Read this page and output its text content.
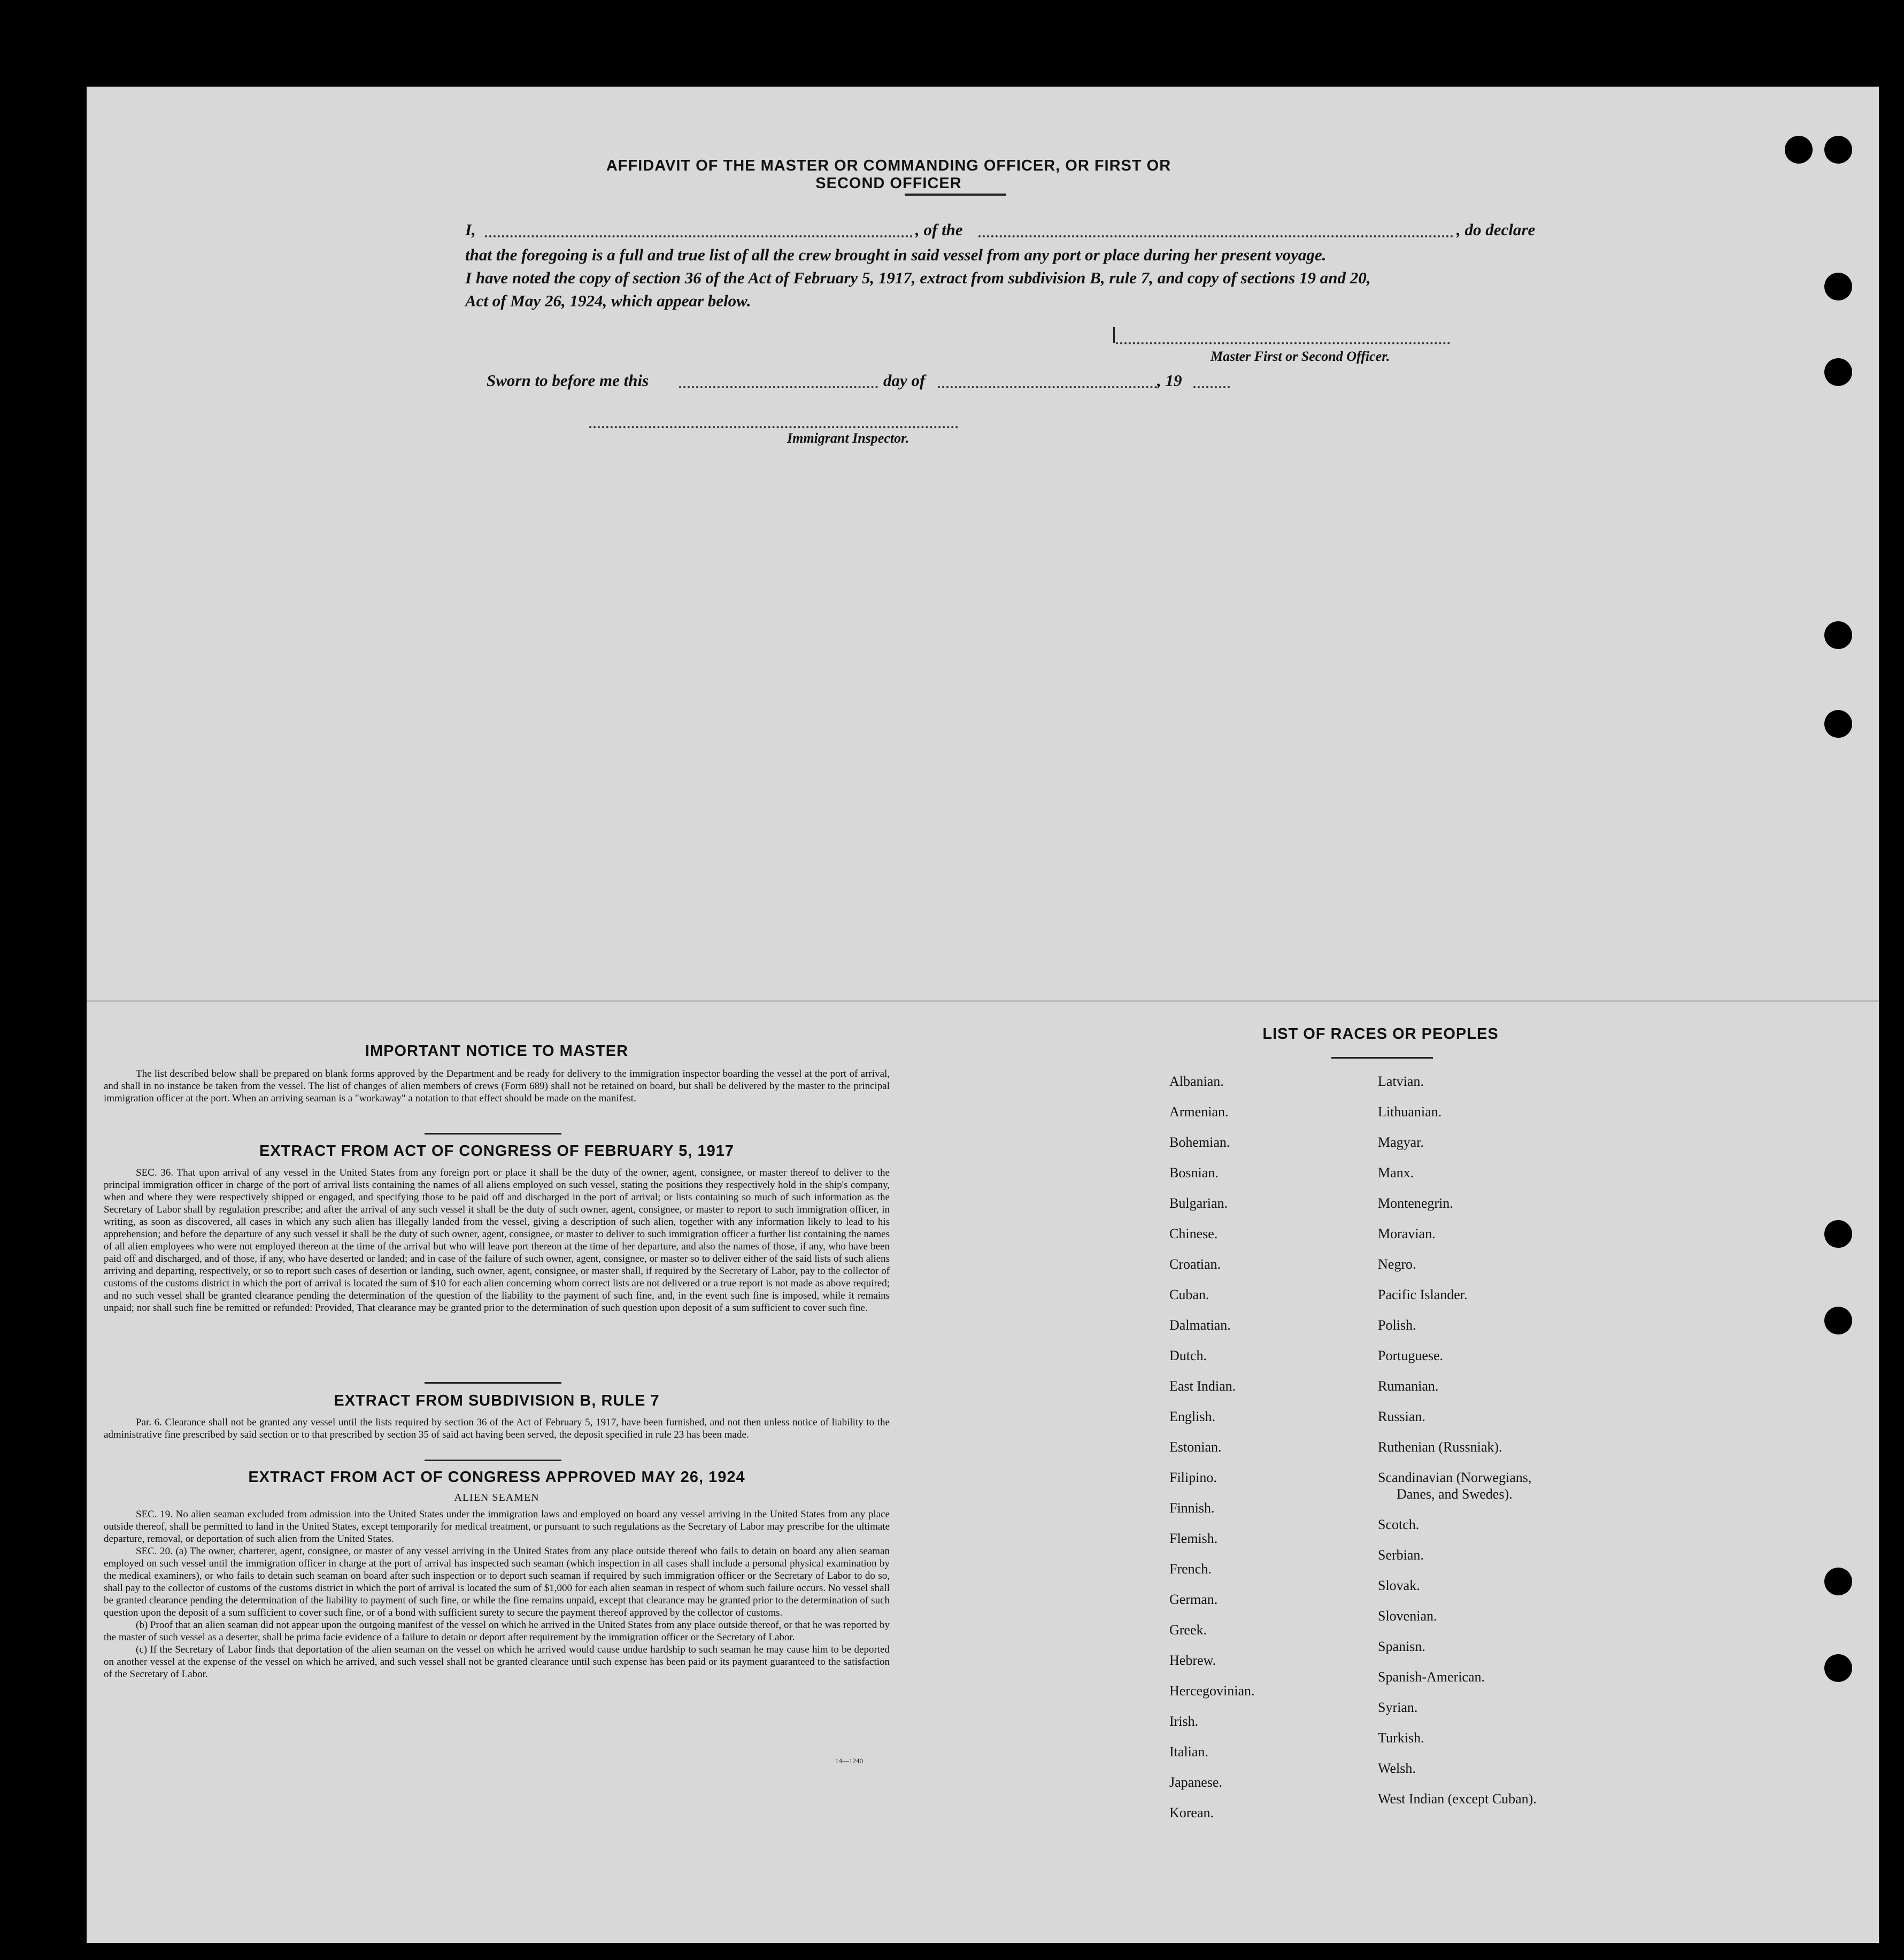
AFFIDAVIT OF THE MASTER OR COMMANDING OFFICER, OR FIRST OR SECOND OFFICER
I,	, of the	, do declare
that the foregoing is a full and true list of all the crew brought in said vessel from any port or place during her present voyage.
I have noted the copy of section 36 of the Act of February 5, 1917, extract from subdivision B, rule 7, and copy of sections 19 and 20,
Act of May 26, 1924, which appear below.
Master First or Second Officer.
Sworn to before me this	day of	, 19
Immigrant Inspector.
IMPORTANT NOTICE TO MASTER
The list described below shall be prepared on blank forms approved by the Department and be ready for delivery to the immigration inspector boarding the vessel at the port of arrival, and shall in no instance be taken from the vessel. The list of changes of alien members of crews (Form 689) shall not be retained on board, but shall be delivered by the master to the principal immigration officer at the port. When an arriving seaman is a "workaway" a notation to that effect should be made on the manifest.
EXTRACT FROM ACT OF CONGRESS OF FEBRUARY 5, 1917
SEC. 36. That upon arrival of any vessel in the United States from any foreign port or place it shall be the duty of the owner, agent, consignee, or master thereof to deliver to the principal immigration officer in charge of the port of arrival lists containing the names of all aliens employed on such vessel, stating the positions they respectively hold in the ship's company, when and where they were respectively shipped or engaged, and specifying those to be paid off and discharged in the port of arrival; or lists containing so much of such information as the Secretary of Labor shall by regulation prescribe; and after the arrival of any such vessel it shall be the duty of such owner, agent, consignee, or master to report to such immigration officer, in writing, as soon as discovered, all cases in which any such alien has illegally landed from the vessel, giving a description of such alien, together with any information likely to lead to his apprehension; and before the departure of any such vessel it shall be the duty of such owner, agent, consignee, or master to deliver to such immigration officer a further list containing the names of all alien employees who were not employed thereon at the time of the arrival but who will leave port thereon at the time of her departure, and also the names of those, if any, who have been paid off and discharged, and of those, if any, who have deserted or landed; and in case of the failure of such owner, agent, consignee, or master so to deliver either of the said lists of such aliens arriving and departing, respectively, or so to report such cases of desertion or landing, such owner, agent, consignee, or master shall, if required by the Secretary of Labor, pay to the collector of customs of the customs district in which the port of arrival is located the sum of $10 for each alien concerning whom correct lists are not delivered or a true report is not made as above required; and no such vessel shall be granted clearance pending the determination of the question of the liability to the payment of such fine, and, in the event such fine is imposed, while it remains unpaid; nor shall such fine be remitted or refunded: Provided, That clearance may be granted prior to the determination of such question upon deposit of a sum sufficient to cover such fine.
EXTRACT FROM SUBDIVISION B, RULE 7
Par. 6. Clearance shall not be granted any vessel until the lists required by section 36 of the Act of February 5, 1917, have been furnished, and not then unless notice of liability to the administrative fine prescribed by said section or to that prescribed by section 35 of said act having been served, the deposit specified in rule 23 has been made.
EXTRACT FROM ACT OF CONGRESS APPROVED MAY 26, 1924
ALIEN SEAMEN
SEC. 19. No alien seaman excluded from admission into the United States under the immigration laws and employed on board any vessel arriving in the United States from any place outside thereof, shall be permitted to land in the United States, except temporarily for medical treatment, or pursuant to such regulations as the Secretary of Labor may prescribe for the ultimate departure, removal, or deportation of such alien from the United States.
SEC. 20. (a) The owner, charterer, agent, consignee, or master of any vessel arriving in the United States from any place outside thereof who fails to detain on board any alien seaman employed on such vessel until the immigration officer in charge at the port of arrival has inspected such seaman (which inspection in all cases shall include a personal physical examination by the medical examiners), or who fails to detain such seaman on board after such inspection or to deport such seaman if required by such immigration officer or the Secretary of Labor to do so, shall pay to the collector of customs of the customs district in which the port of arrival is located the sum of $1,000 for each alien seaman in respect of whom such failure occurs. No vessel shall be granted clearance pending the determination of the liability to payment of such fine, or while the fine remains unpaid, except that clearance may be granted prior to the determination of such question upon the deposit of a sum sufficient to cover such fine, or of a bond with sufficient surety to secure the payment thereof approved by the collector of customs.
(b) Proof that an alien seaman did not appear upon the outgoing manifest of the vessel on which he arrived in the United States from any place outside thereof, or that he was reported by the master of such vessel as a deserter, shall be prima facie evidence of a failure to detain or deport after requirement by the immigration officer or the Secretary of Labor.
(c) If the Secretary of Labor finds that deportation of the alien seaman on the vessel on which he arrived would cause undue hardship to such seaman he may cause him to be deported on another vessel at the expense of the vessel on which he arrived, and such vessel shall not be granted clearance until such expense has been paid or its payment guaranteed to the satisfaction of the Secretary of Labor.
14—1240
LIST OF RACES OR PEOPLES
Albanian.
Armenian.
Bohemian.
Bosnian.
Bulgarian.
Chinese.
Croatian.
Cuban.
Dalmatian.
Dutch.
East Indian.
English.
Estonian.
Filipino.
Finnish.
Flemish.
French.
German.
Greek.
Hebrew.
Hercegovinian.
Irish.
Italian.
Japanese.
Korean.
Latvian.
Lithuanian.
Magyar.
Manx.
Montenegrin.
Moravian.
Negro.
Pacific Islander.
Polish.
Portuguese.
Rumanian.
Russian.
Ruthenian (Russniak).
Scandinavian (Norwegians,
Danes, and Swedes).
Scotch.
Serbian.
Slovak.
Slovenian.
Spanisn.
Spanish-American.
Syrian.
Turkish.
Welsh.
West Indian (except Cuban).
